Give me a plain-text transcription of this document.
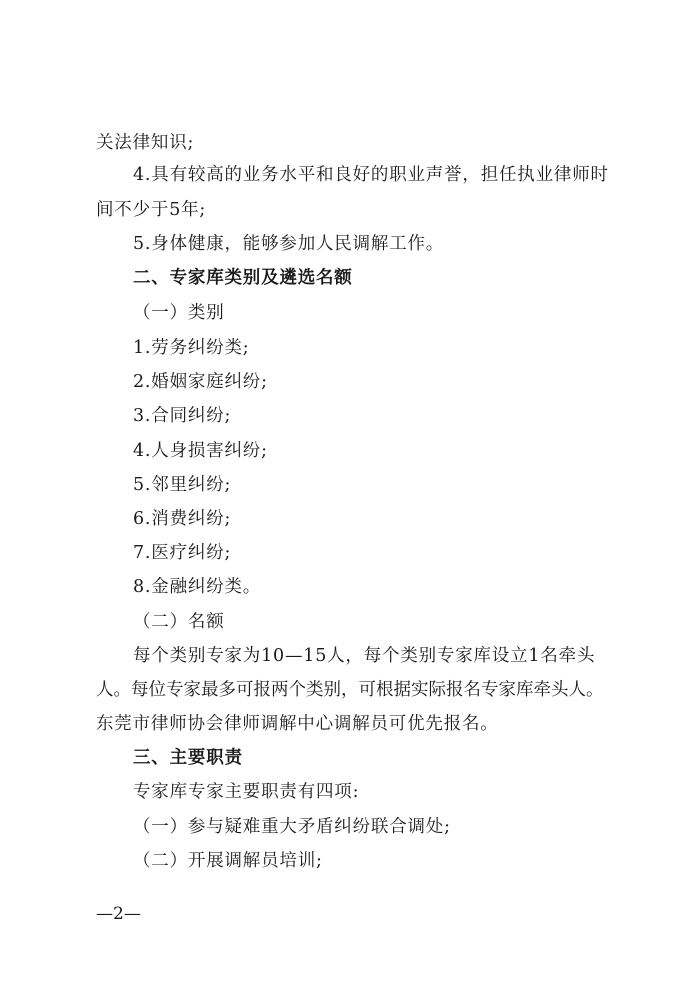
关法律知识;
4.具有较高的业务水平和良好的职业声誉，担任执业律师时
间不少于5年;
5.身体健康，能够参加人民调解工作。
二、专家库类别及遴选名额
（一）类别
1.劳务纠纷类;
2.婚姻家庭纠纷;
3.合同纠纷;
4.人身损害纠纷;
5.邻里纠纷;
6.消费纠纷;
7.医疗纠纷;
8.金融纠纷类。
（二）名额
每个类别专家为10—15人，每个类别专家库设立1名牵头
人。每位专家最多可报两个类别，可根据实际报名专家库牵头人。
东莞市律师协会律师调解中心调解员可优先报名。
三、主要职责
专家库专家主要职责有四项:
（一）参与疑难重大矛盾纠纷联合调处;
（二）开展调解员培训;
—2—
